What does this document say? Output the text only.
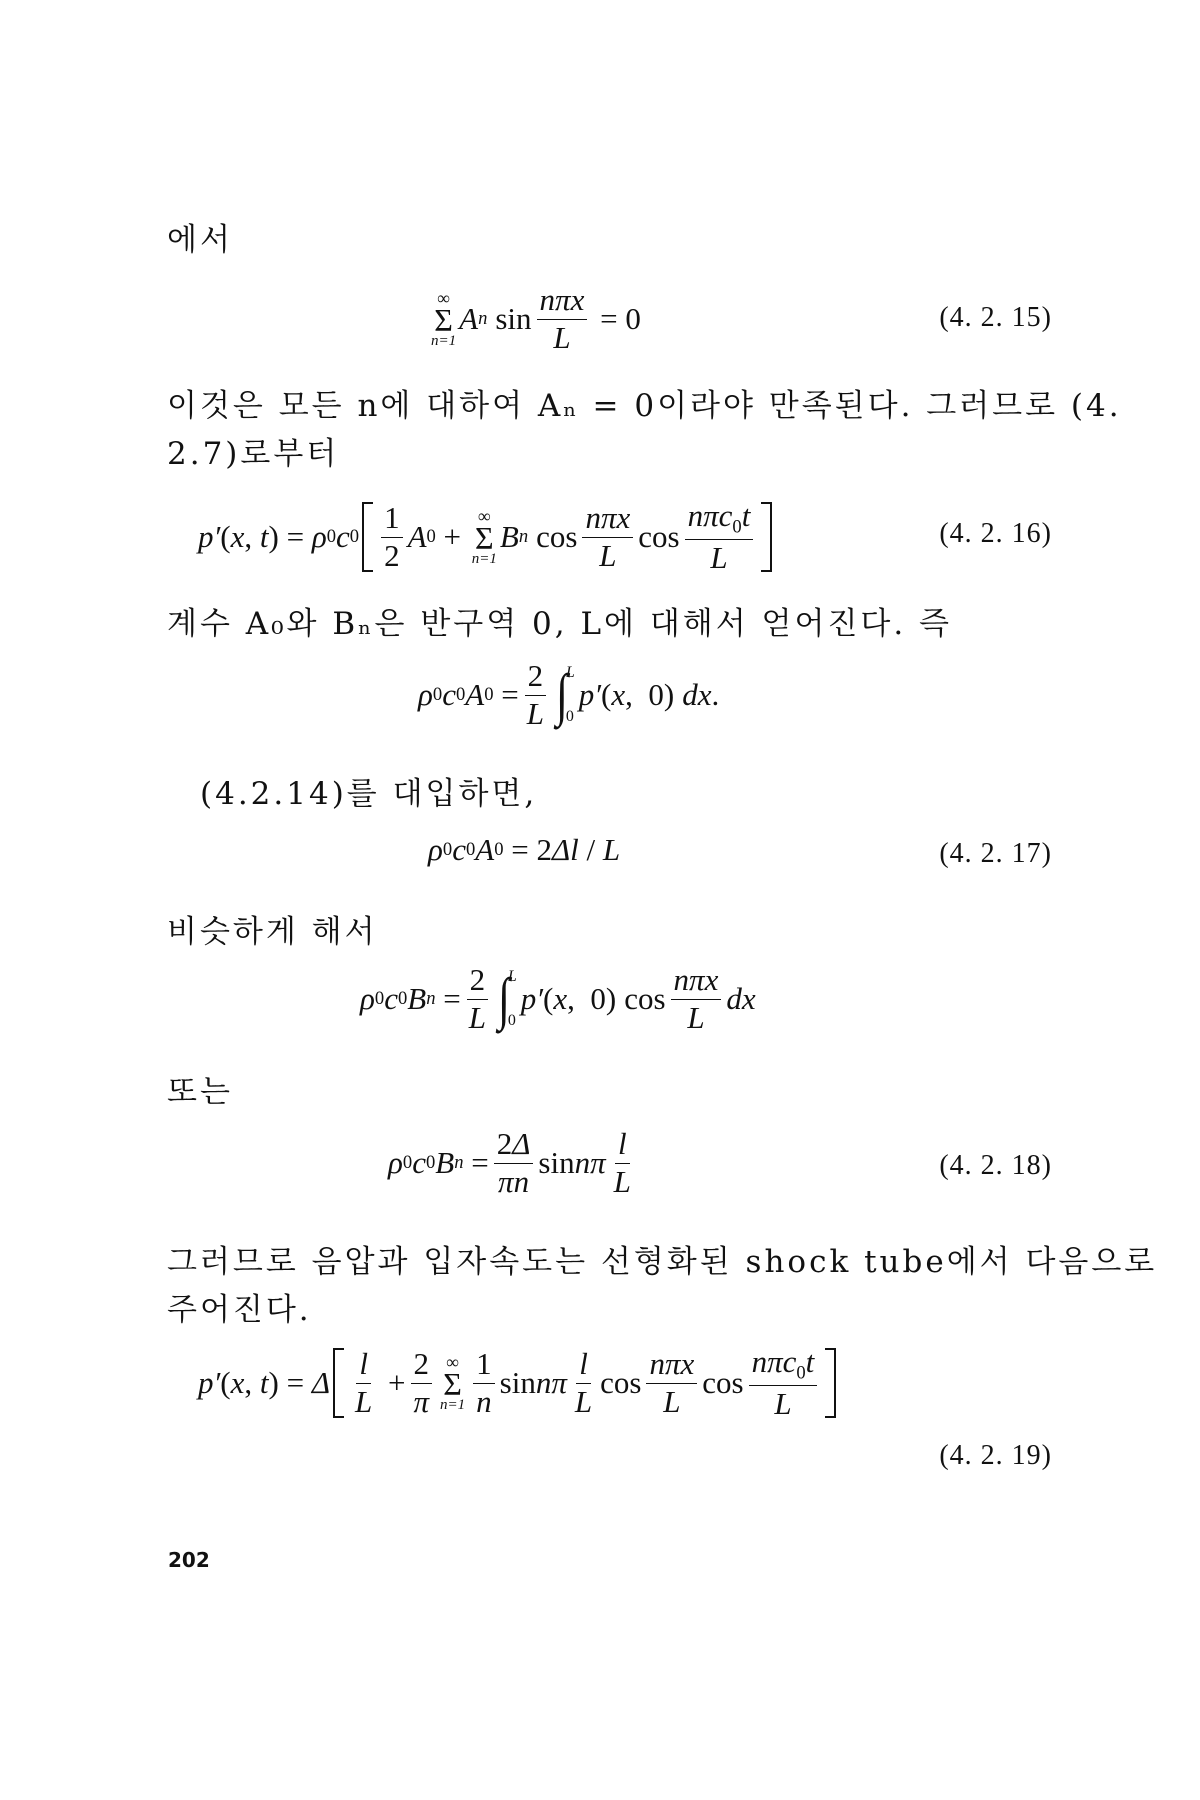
에서
∞
Σ
n=1
A n $\sin \frac{\text{nπx}}{L} = 0$	(4. 2. 15)
이것은 모든 n에 대하여 Aₙ = 0이라야 만족된다. 그러므로 (4.
2.7)로부터
p′ ( x , t ) = ρ 0 c $0 \frac{1}{2}$ A 0 +
∞
Σ
n=1
B n $\cos \frac{\text{nπx}}{L}$ $\cos \frac{n\pi c_0t}{L}$	(4. 2. 16)
계수 A₀와 Bₙ은 반구역 0, L에 대해서 얻어진다. 즉
ρ 0 c 0 A $0 = \frac{2}{L}$ ∫
L
0
p′ ( x ,  0) dx .
(4.2.14)를 대입하면,
ρ 0 c 0 A 0 = 2 Δl / L	(4. 2. 17)
비슷하게 해서
ρ 0 c 0 B $n = \frac{2}{L}$ ∫
L
0
p′ ( x ,  0) $\cos \frac{\text{nπx}}{L}$ dx
또는
ρ 0 c 0 B $n = \frac{2\Delta}{\pi n}$ sin nπ $\frac{l}{L}$	(4. 2. 18)
그러므로 음압과 입자속도는 선형화된 shock tube에서 다음으로
주어진다.
p′ ( x , t ) = Δ $\frac{l}{L} + \frac{2}{\pi}$ ∞
Σ
$n=1 \frac{1}{n}$ sin nπ $\frac{l}{L}$ $\cos \frac{\text{nπx}}{L}$ $\cos \frac{n\pi c_0t}{L}$
(4. 2. 19)
202
